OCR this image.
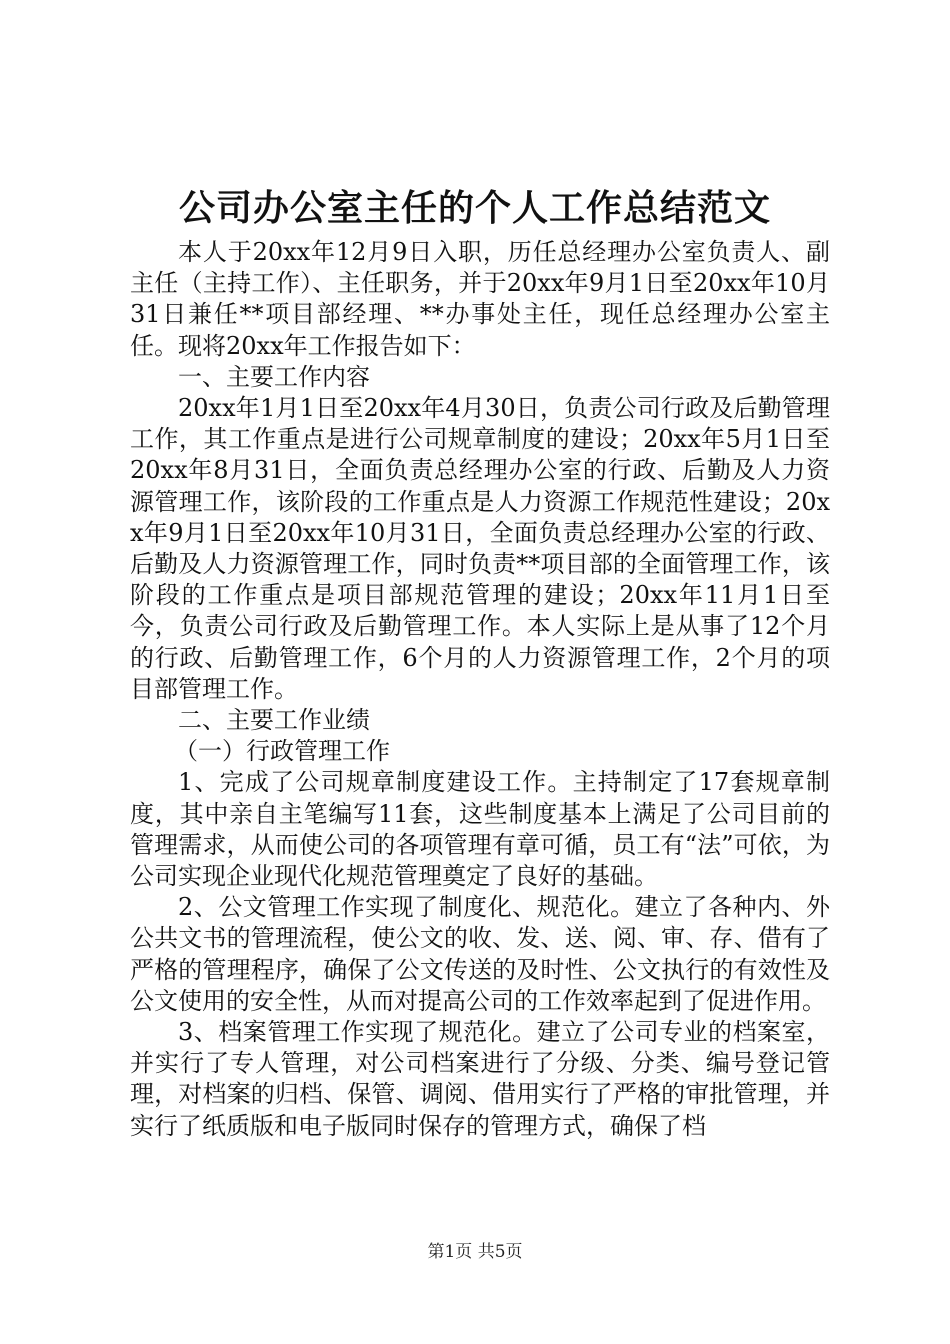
公司办公室主任的个人工作总结范文

本人于20xx年12月9日入职，历任总经理办公室负责人、副主任（主持工作）、主任职务，并于20xx年9月1日至20xx年10月31日兼任**项目部经理、**办事处主任，现任总经理办公室主任。现将20xx年工作报告如下：

一、主要工作内容

20xx年1月1日至20xx年4月30日，负责公司行政及后勤管理工作，其工作重点是进行公司规章制度的建设；20xx年5月1日至20xx年8月31日，全面负责总经理办公室的行政、后勤及人力资源管理工作，该阶段的工作重点是人力资源工作规范性建设；20xx年9月1日至20xx年10月31日，全面负责总经理办公室的行政、后勤及人力资源管理工作，同时负责**项目部的全面管理工作，该阶段的工作重点是项目部规范管理的建设；20xx年11月1日至今，负责公司行政及后勤管理工作。本人实际上是从事了12个月的行政、后勤管理工作，6个月的人力资源管理工作，2个月的项目部管理工作。

二、主要工作业绩

（一）行政管理工作

1、完成了公司规章制度建设工作。主持制定了17套规章制度，其中亲自主笔编写11套，这些制度基本上满足了公司目前的管理需求，从而使公司的各项管理有章可循，员工有“法”可依，为公司实现企业现代化规范管理奠定了良好的基础。

2、公文管理工作实现了制度化、规范化。建立了各种内、外公共文书的管理流程，使公文的收、发、送、阅、审、存、借有了严格的管理程序，确保了公文传送的及时性、公文执行的有效性及公文使用的安全性，从而对提高公司的工作效率起到了促进作用。

3、档案管理工作实现了规范化。建立了公司专业的档案室，并实行了专人管理，对公司档案进行了分级、分类、编号登记管理，对档案的归档、保管、调阅、借用实行了严格的审批管理，并实行了纸质版和电子版同时保存的管理方式，确保了档

第1页 共5页
